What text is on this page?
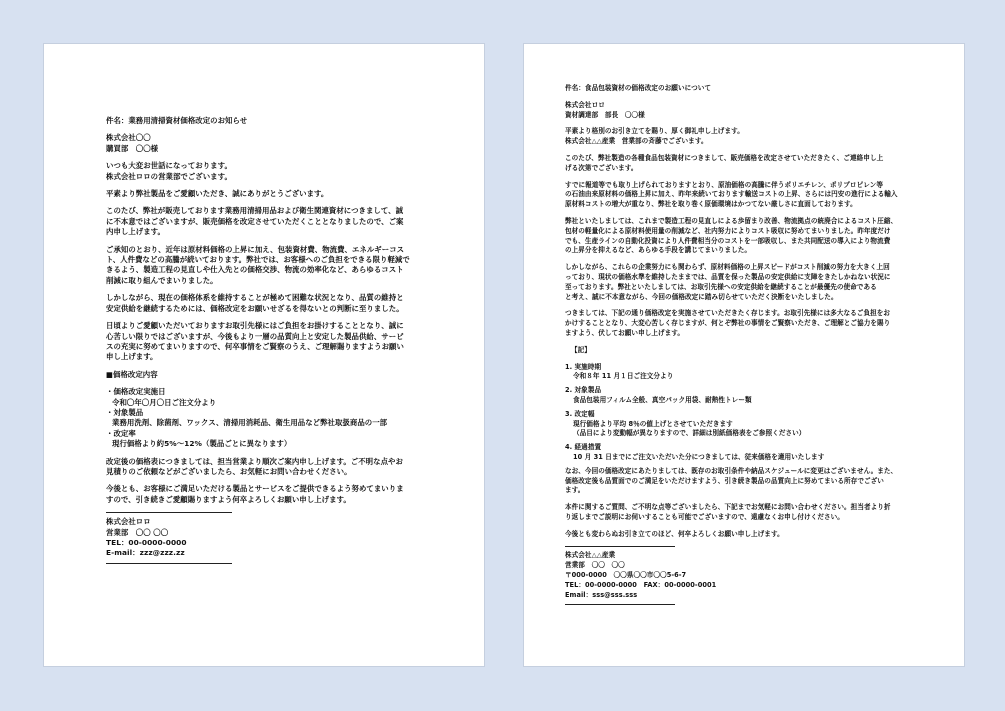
件名：業務用清掃資材価格改定のお知らせ

株式会社〇〇

購買部　〇〇様

いつも大変お世話になっております。

株式会社ロロの営業部でございます。

平素より弊社製品をご愛顧いただき、誠にありがとうございます。

このたび、弊社が販売しております業務用清掃用品および衛生関連資材につきまして、誠
に不本意ではございますが、販売価格を改定させていただくこととなりましたので、ご案
内申し上げます。
ご承知のとおり、近年は原材料価格の上昇に加え、包装資材費、物流費、エネルギーコス
ト、人件費などの高騰が続いております。弊社では、お客様へのご負担をできる限り軽減で
きるよう、製造工程の見直しや仕入先との価格交渉、物流の効率化など、あらゆるコスト
削減に取り組んでまいりました。
しかしながら、現在の価格体系を維持することが極めて困難な状況となり、品質の維持と
安定供給を継続するためには、価格改定をお願いせざるを得ないとの判断に至りました。
日頃よりご愛顧いただいておりますお取引先様にはご負担をお掛けすることとなり、誠に
心苦しい限りではございますが、今後もより一層の品質向上と安定した製品供給、サービ
スの充実に努めてまいりますので、何卒事情をご賢察のうえ、ご理解賜りますようお願い
申し上げます。

■価格改定内容

・価格改定実施日
令和〇年〇月〇日ご注文分より
・対象製品
業務用洗剤、除菌剤、ワックス、清掃用消耗品、衛生用品など弊社取扱商品の一部
・改定率
現行価格より約5%～12%（製品ごとに異なります）
改定後の価格表につきましては、担当営業より順次ご案内申し上げます。ご不明な点やお
見積りのご依頼などがございましたら、お気軽にお問い合わせください。
今後とも、お客様にご満足いただける製品とサービスをご提供できるよう努めてまいりま
すので、引き続きご愛顧賜りますよう何卒よろしくお願い申し上げます。
株式会社ロロ
営業部　〇〇 〇〇
TEL：00-0000-0000
E-mail：zzz@zzz.zz

件名：食品包装資材の価格改定のお願いについて

株式会社ロロ

資材調達部　部長　〇〇様

平素より格別のお引き立てを賜り、厚く御礼申し上げます。

株式会社△△産業　営業部の斉藤でございます。

このたび、弊社製造の各種食品包装資材につきまして、販売価格を改定させていただきたく、ご連絡申し上
げる次第でございます。
すでに報道等でも取り上げられておりますとおり、原油価格の高騰に伴うポリエチレン、ポリプロピレン等
の石油由来原材料の価格上昇に加え、昨年来続いております輸送コストの上昇、さらには円安の進行による輸入
原材料コストの増大が重なり、弊社を取り巻く原価環境はかつてない厳しさに直面しております。
弊社といたしましては、これまで製造工程の見直しによる歩留まり改善、物流拠点の統廃合によるコスト圧縮、
包材の軽量化による原材料使用量の削減など、社内努力によりコスト吸収に努めてまいりました。昨年度だけ
でも、生産ラインの自動化投資により人件費相当分のコストを一部吸収し、また共同配送の導入により物流費
の上昇分を抑えるなど、あらゆる手段を講じてまいりました。
しかしながら、これらの企業努力にも関わらず、原材料価格の上昇スピードがコスト削減の努力を大きく上回
っており、現状の価格水準を維持したままでは、品質を保った製品の安定供給に支障をきたしかねない状況に
至っております。弊社といたしましては、お取引先様への安定供給を継続することが最優先の使命である
と考え、誠に不本意ながら、今回の価格改定に踏み切らせていただく決断をいたしました。
つきましては、下記の通り価格改定を実施させていただきたく存じます。お取引先様には多大なるご負担をお
かけすることとなり、大変心苦しく存じますが、何とぞ弊社の事情をご賢察いただき、ご理解とご協力を賜り
ますよう、伏してお願い申し上げます。

【記】

1. 実施時期
令和８年 11 月１日ご注文分より
2. 対象製品
食品包装用フィルム全般、真空パック用袋、耐熱性トレー類
3. 改定幅
現行価格より平均 8％の値上げとさせていただきます
（品目により変動幅が異なりますので、詳細は別紙価格表をご参照ください）
4. 経過措置
10 月 31 日までにご注文いただいた分につきましては、従来価格を適用いたします
なお、今回の価格改定にあたりましては、既存のお取引条件や納品スケジュールに変更はございません。また、
価格改定後も品質面でのご満足をいただけますよう、引き続き製品の品質向上に努めてまいる所存でござい
ます。
本件に関するご質問、ご不明な点等ございましたら、下記までお気軽にお問い合わせください。担当者より折
り返しまでご説明にお伺いすることも可能でございますので、遠慮なくお申し付けください。

今後とも変わらぬお引き立てのほど、何卒よろしくお願い申し上げます。

株式会社△△産業
営業部　〇〇　〇〇
〒000-0000　〇〇県〇〇市〇〇5-6-7
TEL：00-0000-0000　FAX：00-0000-0001
Email：sss@sss.sss
